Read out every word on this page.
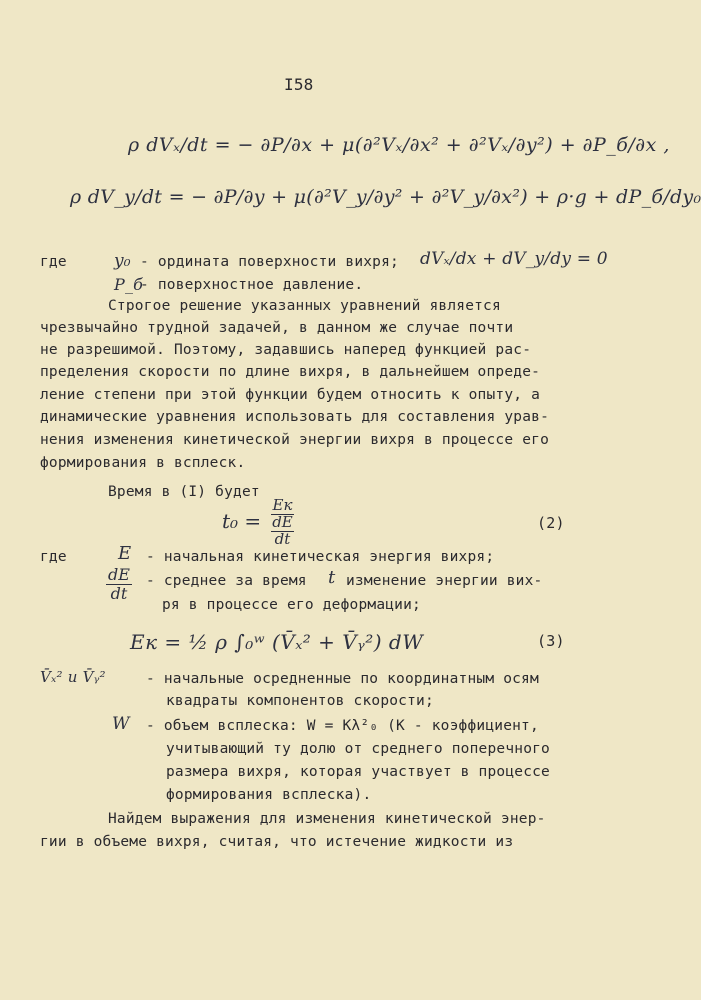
I58
ρ dVₓ/dt = − ∂P/∂x + μ(∂²Vₓ/∂x² + ∂²Vₓ/∂y²) + ∂P_б/∂x ,
ρ dV_y/dt = − ∂P/∂y + μ(∂²V_y/∂y² + ∂²V_y/∂x²) + ρ·g + dP_б/dy₀
где	y₀ - ордината поверхности вихря; dVₓ/dx + dV_y/dy = 0
P_б
- поверхностное давление.
Строгое решение указанных уравнений является
чрезвычайно трудной задачей, в данном же случае почти
не разрешимой. Поэтому, задавшись наперед функцией рас-
пределения скорости по длине вихря, в дальнейшем опреде-
ление степени при этой функции будем относить к опыту, а
динамические уравнения использовать для составления урав-
нения изменения кинетической энергии вихря в процессе его
формирования в всплеск.
Время в (I) будет
t₀ =
Eк
dE
dt
(2)
где	E - начальная кинетическая энергия вихря;
dE
dt
- среднее за время t изменение энергии вих-
ря в процессе его деформации;
Eк = ½ ρ ∫₀ʷ (V̄ₓ² + V̄ᵧ²) dW	(3)
V̄ₓ² и V̄ᵧ²	- начальные осредненные по координатным осям
квадраты компонентов скорости;
W - объем всплеска: W = Kλ²₀ (K - коэффициент,
учитывающий ту долю от среднего поперечного
размера вихря, которая участвует в процессе
формирования всплеска).
Найдем выражения для изменения кинетической энер-
гии в объеме вихря, считая, что истечение жидкости из
